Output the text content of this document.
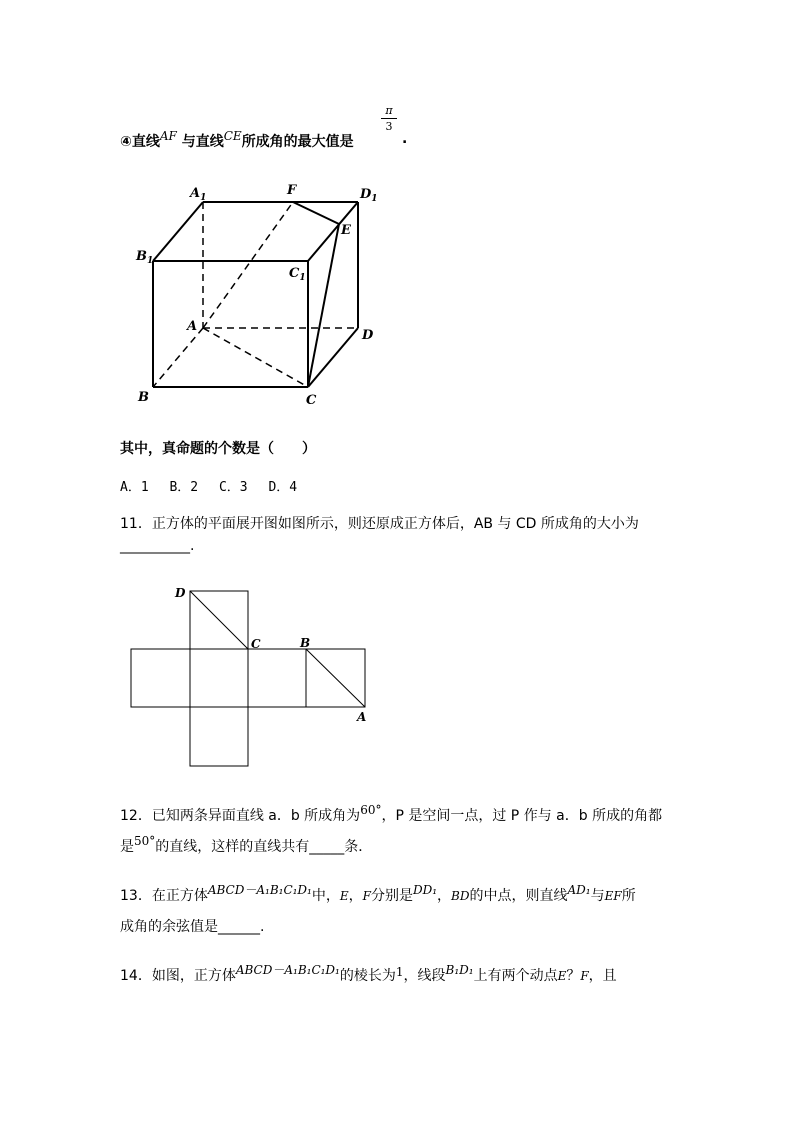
④直线AF 与直线CE所成角的最大值是
π
3
.
$A_1$	F	$D_1$
E
$B_1$
$C_1$
A
D
B	C
其中，真命题的个数是（　　）
A．1　 B．2　 C．3　 D．4
11．正方体的平面展开图如图所示，则还原成正方体后，AB 与 CD 所成角的大小为
__________.
D
C	B
A
12．已知两条异面直线 a．b 所成角为60°，P 是空间一点，过 P 作与 a．b 所成的角都
是50°的直线，这样的直线共有_____条．
13．在正方体ABCD－A₁B₁C₁D₁中，E，F分别是DD₁，BD的中点，则直线AD₁与EF所
成角的余弦值是______.
14．如图，正方体ABCD－A₁B₁C₁D₁的棱长为1，线段B₁D₁上有两个动点E？F，且
